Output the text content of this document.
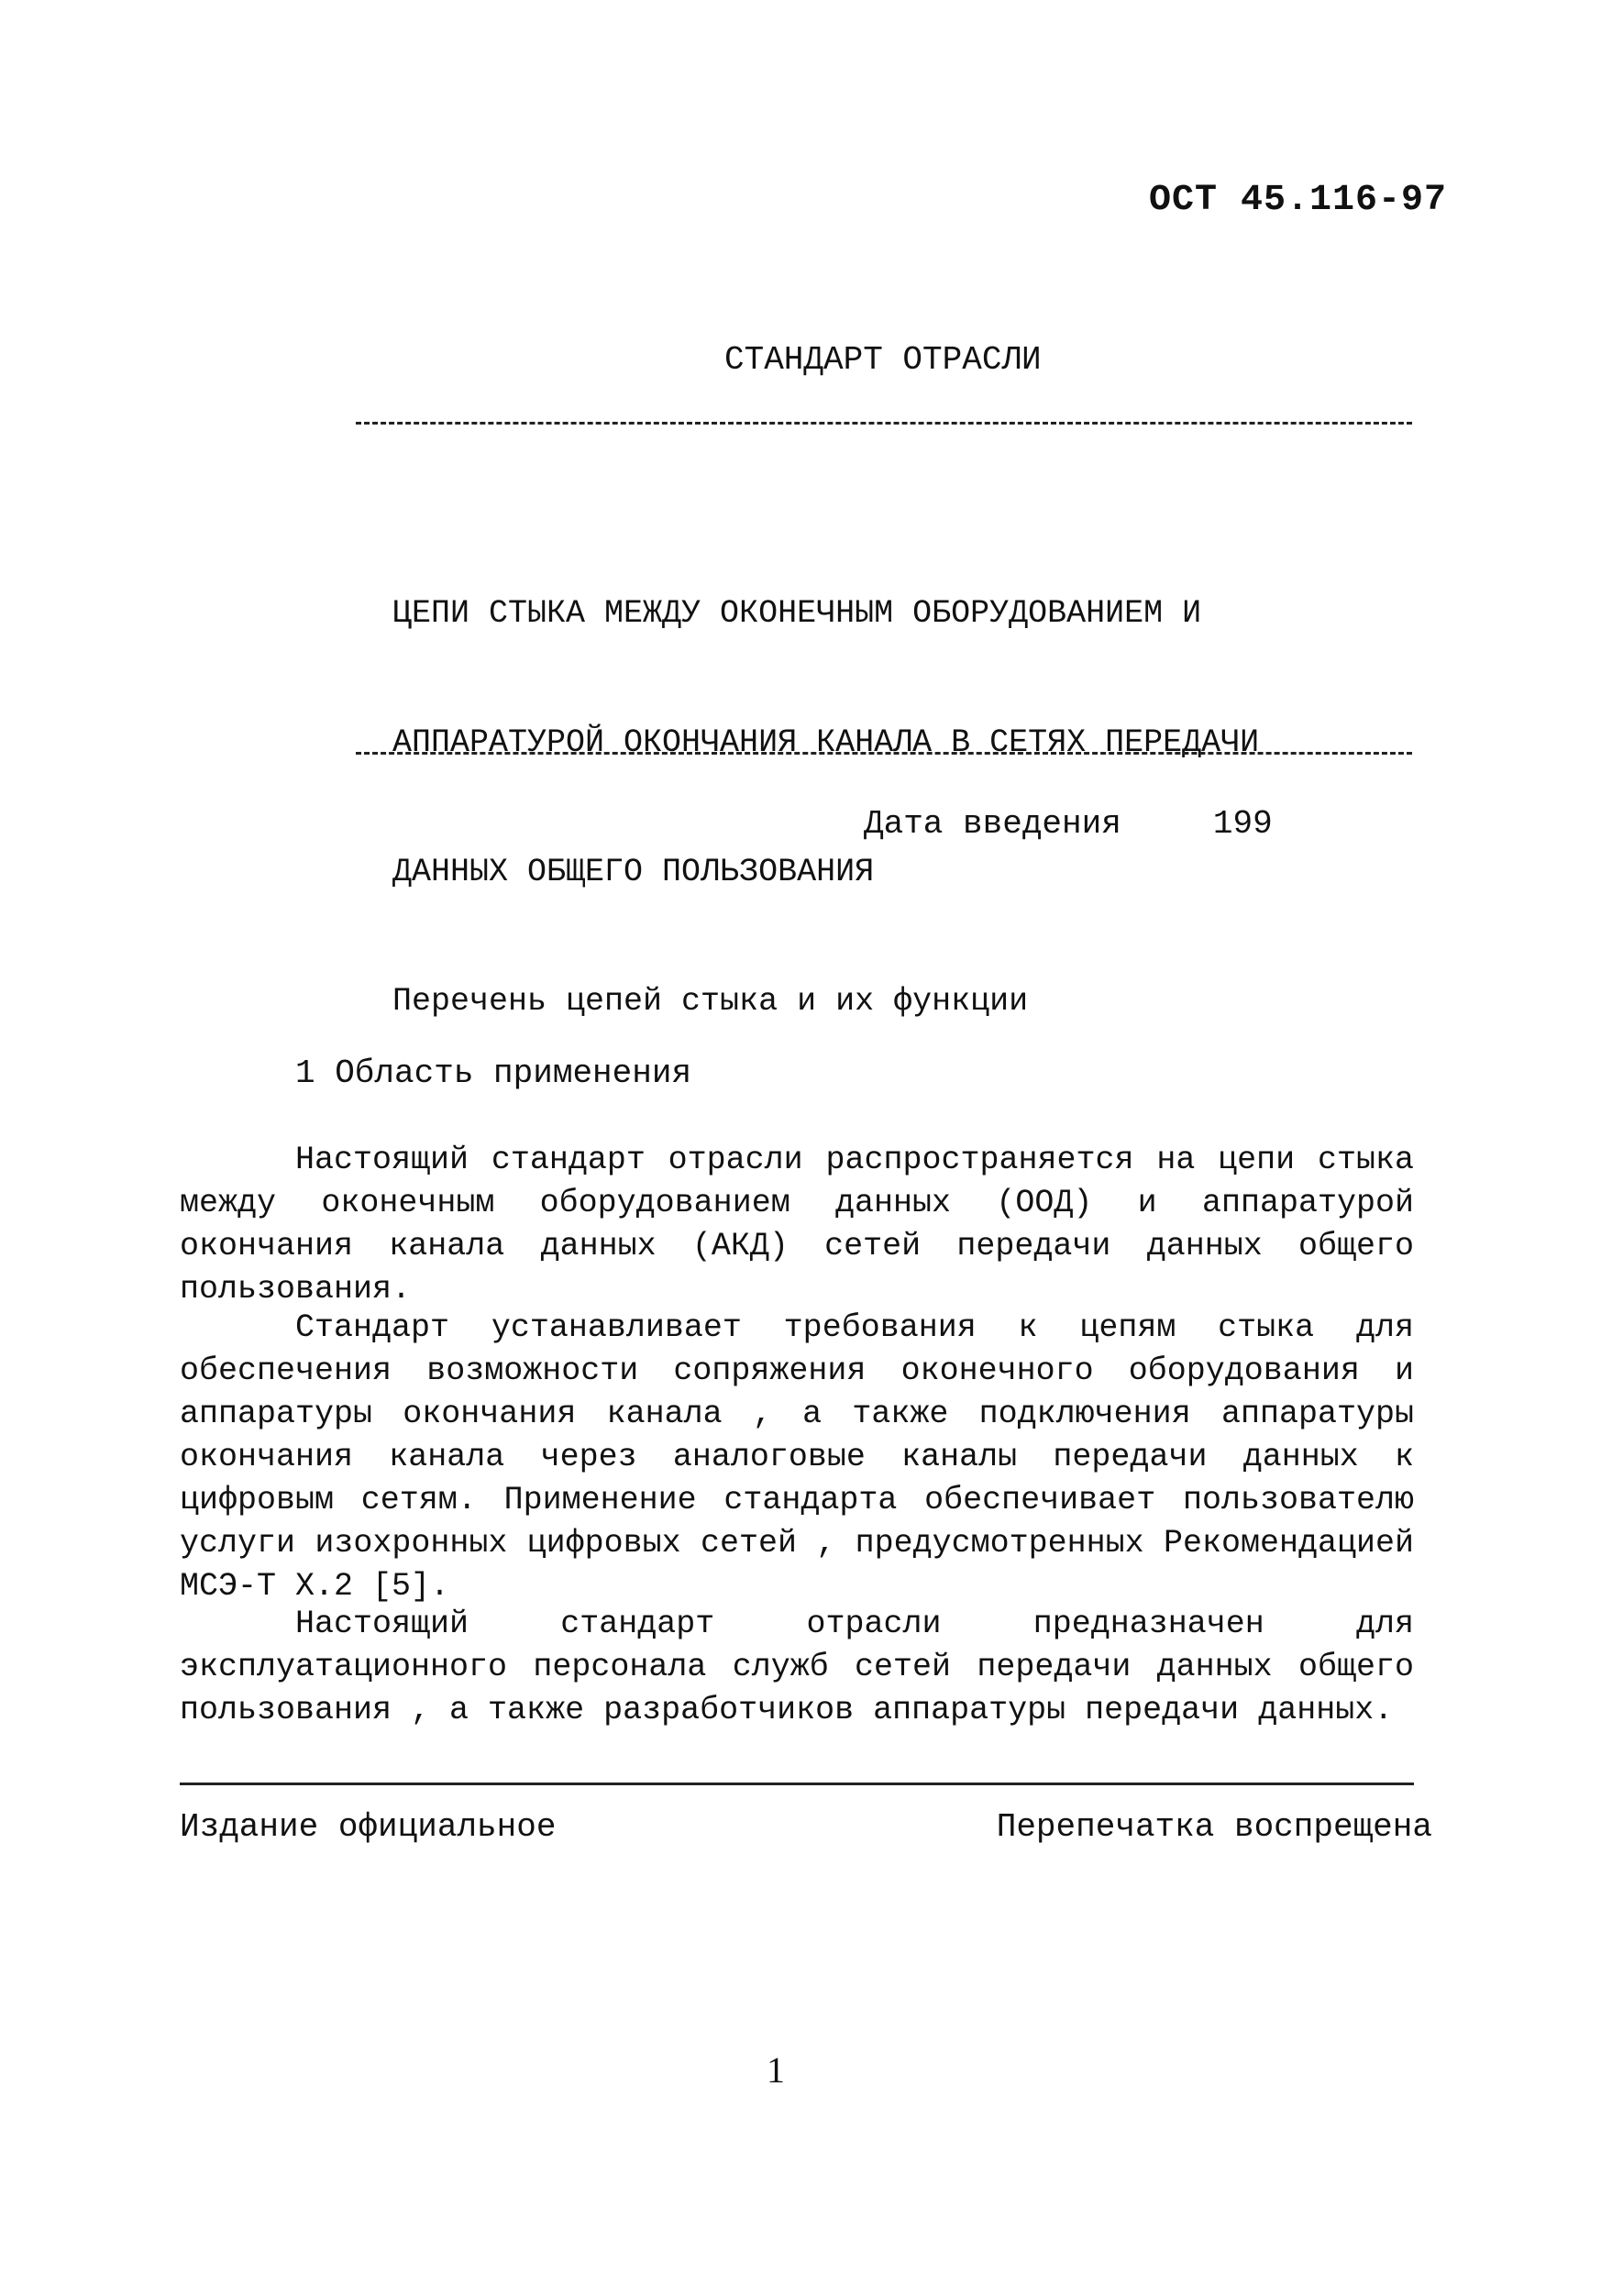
ОСТ 45.116-97
СТАНДАРТ ОТРАСЛИ

ЦЕПИ СТЫКА МЕЖДУ ОКОНЕЧНЫМ ОБОРУДОВАНИЕМ И

АППАРАТУРОЙ ОКОНЧАНИЯ КАНАЛА В СЕТЯХ ПЕРЕДАЧИ

ДАННЫХ ОБЩЕГО ПОЛЬЗОВАНИЯ

Перечень цепей стыка и их функции

Дата введения	199
1 Область применения

Настоящий стандарт отрасли распространяется на цепи стыка между оконечным оборудованием данных (ООД) и аппаратурой окончания канала данных (АКД) сетей передачи данных общего пользования.

Стандарт устанавливает требования к цепям стыка для обеспечения возможности сопряжения оконечного оборудования и аппаратуры окончания канала , а также подключения аппаратуры окончания канала через аналоговые каналы передачи данных к цифровым сетям. Применение стандарта обеспечивает пользователю услуги изохронных цифровых сетей , предусмотренных Рекомендацией МСЭ-Т Х.2 [5].

Настоящий стандарт отрасли предназначен для эксплуатационного персонала служб сетей передачи данных общего пользования , а также разработчиков аппаратуры передачи данных.

Издание официальное	Перепечатка воспрещена
1
